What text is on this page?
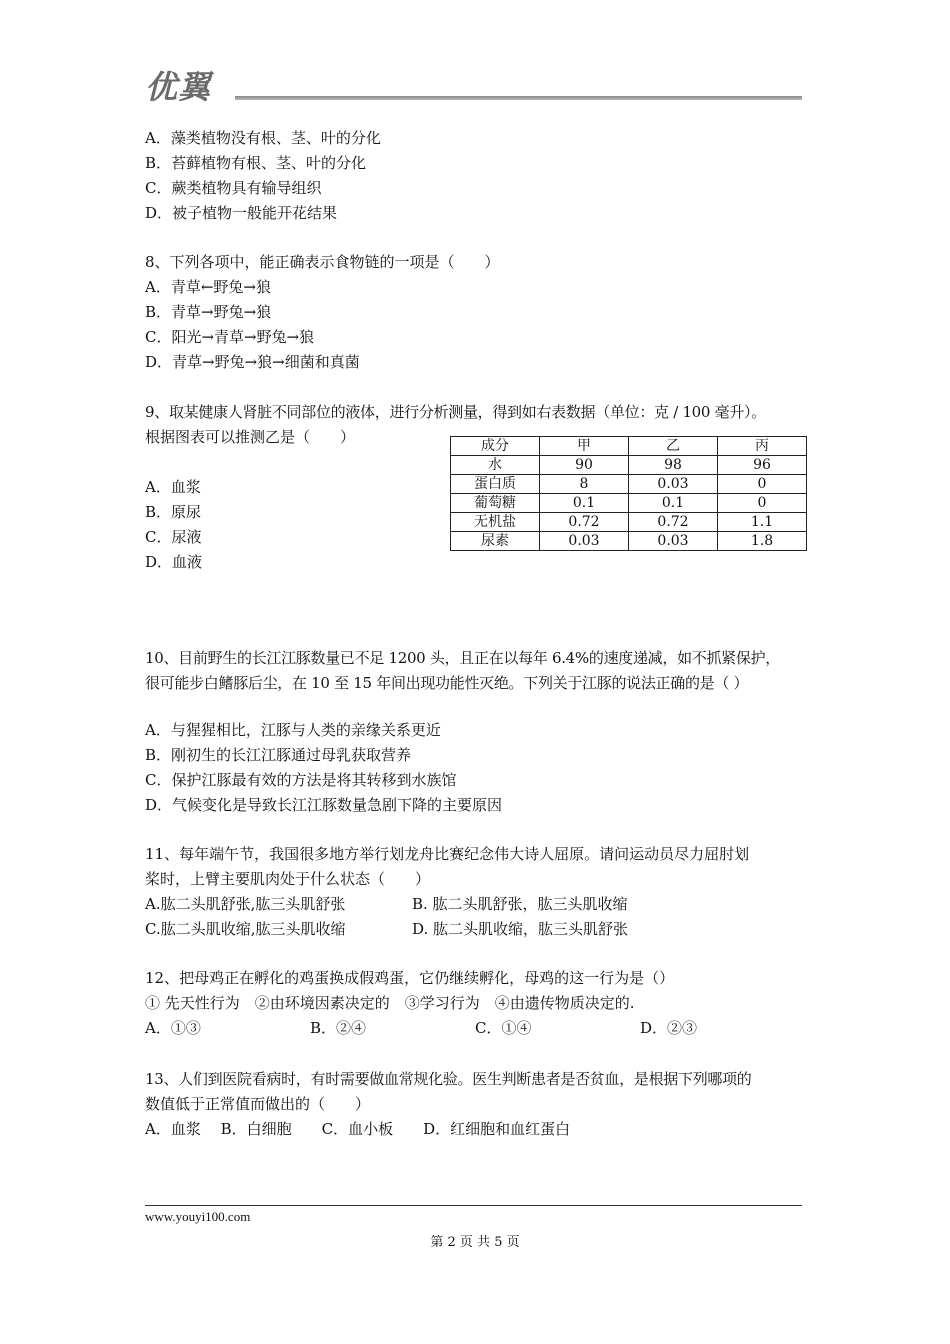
优翼
A．藻类植物没有根、茎、叶的分化
B．苔藓植物有根、茎、叶的分化
C．蕨类植物具有输导组织
D．被子植物一般能开花结果
8、下列各项中，能正确表示食物链的一项是（　　）
A．青草←野兔→狼
B．青草→野兔→狼
C．阳光→青草→野兔→狼
D．青草→野兔→狼→细菌和真菌
9、取某健康人肾脏不同部位的液体，进行分析测量，得到如右表数据（单位：克 / 100 毫升）。
根据图表可以推测乙是（　　）
A．血浆
B．原尿
C．尿液
D．血液
成分	甲	乙	丙
水	90	98	96
蛋白质	8	0.03	0
葡萄糖	0.1	0.1	0
无机盐	0.72	0.72	1.1
尿素	0.03	0.03	1.8
10、目前野生的长江江豚数量已不足 1200 头，且正在以每年 6.4%的速度递减，如不抓紧保护，
很可能步白鳍豚后尘，在 10 至 15 年间出现功能性灭绝。下列关于江豚的说法正确的是（ ）
A．与猩猩相比，江豚与人类的亲缘关系更近
B．刚初生的长江江豚通过母乳获取营养
C．保护江豚最有效的方法是将其转移到水族馆
D．气候变化是导致长江江豚数量急剧下降的主要原因
11、每年端午节，我国很多地方举行划龙舟比赛纪念伟大诗人屈原。请问运动员尽力屈肘划
桨时，上臂主要肌肉处于什么状态（　　）
A.肱二头肌舒张,肱三头肌舒张	B. 肱二头肌舒张，肱三头肌收缩
C.肱二头肌收缩,肱三头肌收缩	D. 肱二头肌收缩，肱三头肌舒张
12、把母鸡正在孵化的鸡蛋换成假鸡蛋，它仍继续孵化，母鸡的这一行为是（）
① 先天性行为　②由环境因素决定的　③学习行为　④由遗传物质决定的.
A．①③	B．②④	C．①④	D．②③
13、人们到医院看病时，有时需要做血常规化验。医生判断患者是否贫血，是根据下列哪项的
数值低于正常值而做出的（　　）
A．血浆　 B．白细胞　　C．血小板　　D．红细胞和血红蛋白
www.youyi100.com
第 2 页 共 5 页
